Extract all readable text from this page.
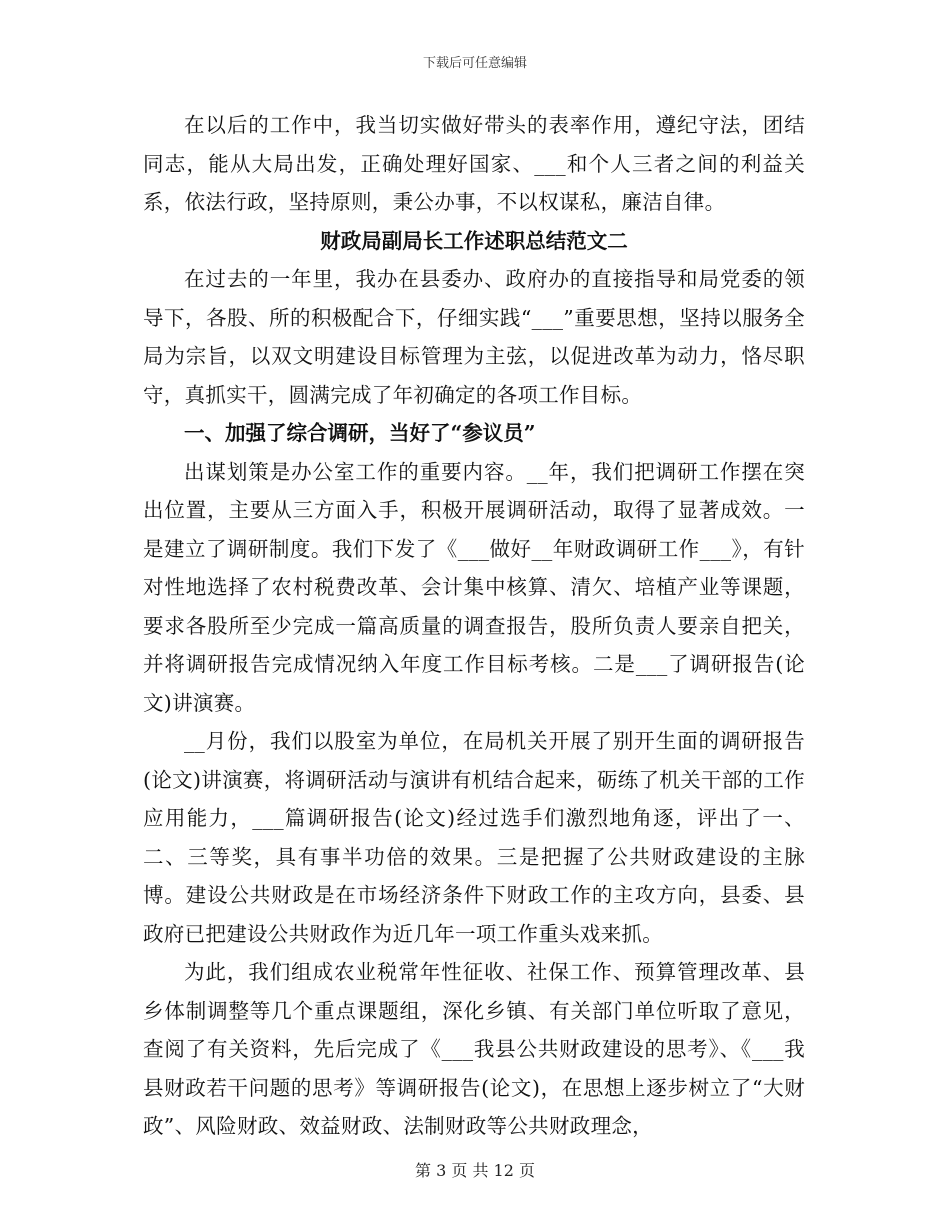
下载后可任意编辑

在以后的工作中，我当切实做好带头的表率作用，遵纪守法，团结同志，能从大局出发，正确处理好国家、___和个人三者之间的利益关系，依法行政，坚持原则，秉公办事，不以权谋私，廉洁自律。

财政局副局长工作述职总结范文二

在过去的一年里，我办在县委办、政府办的直接指导和局党委的领导下，各股、所的积极配合下，仔细实践“___”重要思想，坚持以服务全局为宗旨，以双文明建设目标管理为主弦，以促进改革为动力，恪尽职守，真抓实干，圆满完成了年初确定的各项工作目标。

一、加强了综合调研，当好了“参议员”

出谋划策是办公室工作的重要内容。__年，我们把调研工作摆在突出位置，主要从三方面入手，积极开展调研活动，取得了显著成效。一是建立了调研制度。我们下发了《___做好__年财政调研工作___》，有针对性地选择了农村税费改革、会计集中核算、清欠、培植产业等课题，要求各股所至少完成一篇高质量的调查报告，股所负责人要亲自把关，并将调研报告完成情况纳入年度工作目标考核。二是___了调研报告(论文)讲演赛。

__月份，我们以股室为单位，在局机关开展了别开生面的调研报告(论文)讲演赛，将调研活动与演讲有机结合起来，砺练了机关干部的工作应用能力，___篇调研报告(论文)经过选手们激烈地角逐，评出了一、二、三等奖，具有事半功倍的效果。三是把握了公共财政建设的主脉博。建设公共财政是在市场经济条件下财政工作的主攻方向，县委、县政府已把建设公共财政作为近几年一项工作重头戏来抓。

为此，我们组成农业税常年性征收、社保工作、预算管理改革、县乡体制调整等几个重点课题组，深化乡镇、有关部门单位听取了意见，查阅了有关资料，先后完成了《___我县公共财政建设的思考》、《___我县财政若干问题的思考》等调研报告(论文)，在思想上逐步树立了“大财政”、风险财政、效益财政、法制财政等公共财政理念，

第 3 页 共 12 页
